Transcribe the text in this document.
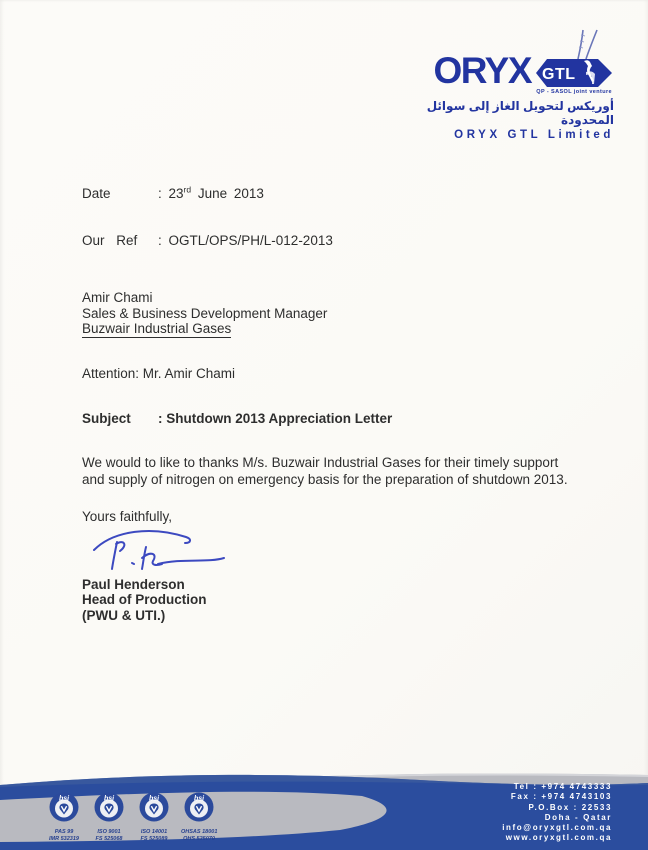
ORYX GTL
QP - SASOL joint venture
أوريكس لتحويل الغاز إلى سوائل المحدودة
ORYX GTL Limited
Date	: 23rd June 2013
Our Ref	: OGTL/OPS/PH/L-012-2013
Amir Chami
Sales & Business Development Manager
Buzwair Industrial Gases
Attention: Mr. Amir Chami
Subject	: Shutdown 2013 Appreciation Letter
We would to like to thanks M/s. Buzwair Industrial Gases for their timely support and supply of nitrogen on emergency basis for the preparation of shutdown 2013.
Yours faithfully,
Paul Henderson
Head of Production
(PWU & UTI.)
bsi
PAS 99
IMR 532319
bsi
ISO 9001
FS 525068
bsi
ISO 14001
FS 525089
bsi
OHSAS 18001
OHS 525070
Tel : +974 4743333
Fax : +974 4743103
P.O.Box : 22533
Doha - Qatar
info@oryxgtl.com.qa
www.oryxgtl.com.qa
